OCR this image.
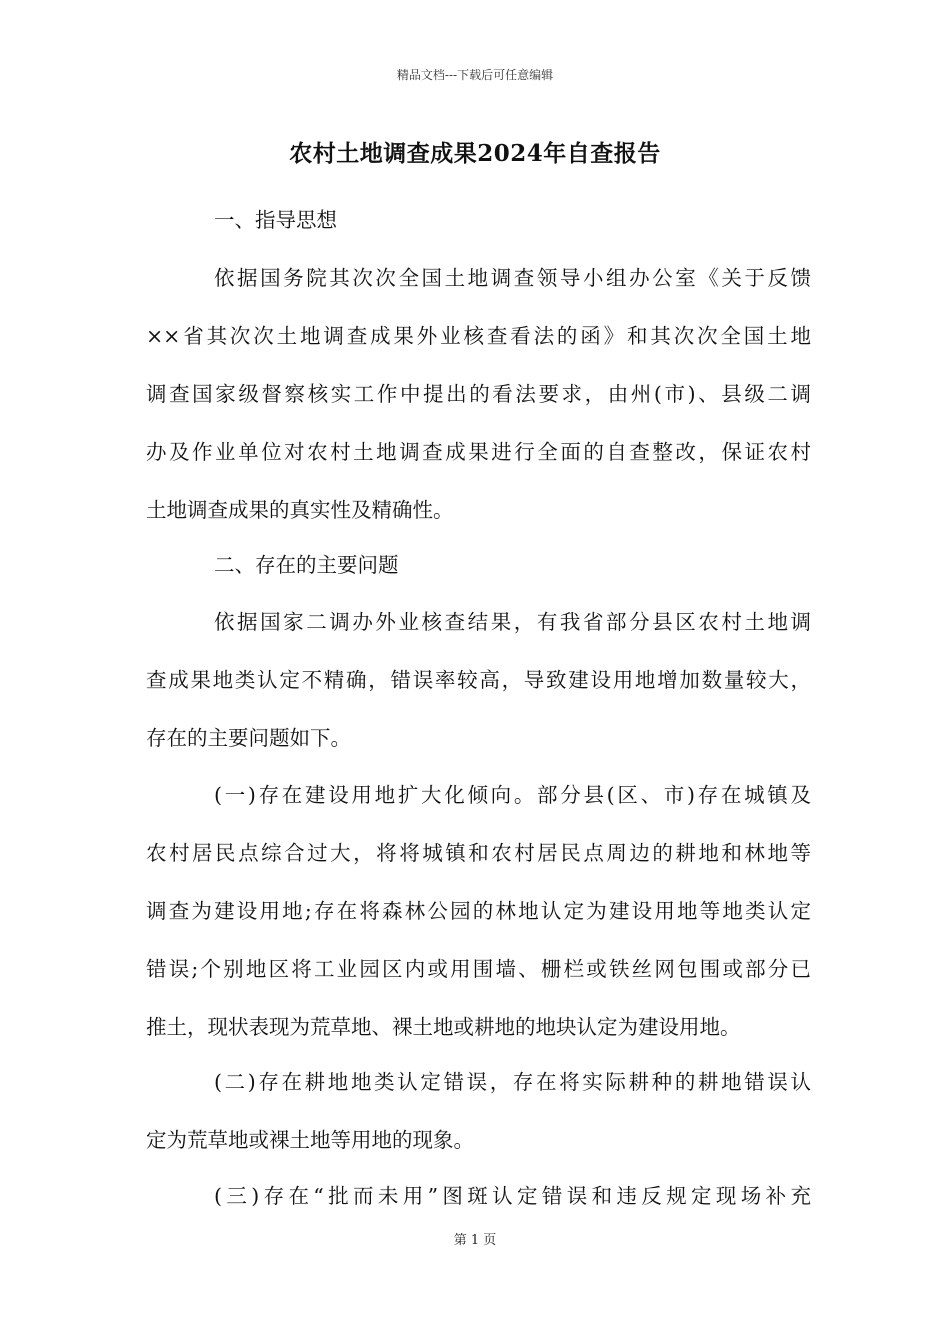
精品文档---下载后可任意编辑
农村土地调查成果2024年自查报告
一、指导思想
依据国务院其次次全国土地调查领导小组办公室《关于反馈
××省其次次土地调查成果外业核查看法的函》和其次次全国土地
调查国家级督察核实工作中提出的看法要求，由州(市)、县级二调
办及作业单位对农村土地调查成果进行全面的自查整改，保证农村
土地调查成果的真实性及精确性。
二、存在的主要问题
依据国家二调办外业核查结果，有我省部分县区农村土地调
查成果地类认定不精确，错误率较高，导致建设用地增加数量较大，
存在的主要问题如下。
(一)存在建设用地扩大化倾向。部分县(区、市)存在城镇及
农村居民点综合过大，将将城镇和农村居民点周边的耕地和林地等
调查为建设用地;存在将森林公园的林地认定为建设用地等地类认定
错误;个别地区将工业园区内或用围墙、栅栏或铁丝网包围或部分已
推土，现状表现为荒草地、裸土地或耕地的地块认定为建设用地。
(二)存在耕地地类认定错误，存在将实际耕种的耕地错误认
定为荒草地或裸土地等用地的现象。
(三)存在“批而未用”图斑认定错误和违反规定现场补充
第 1 页
